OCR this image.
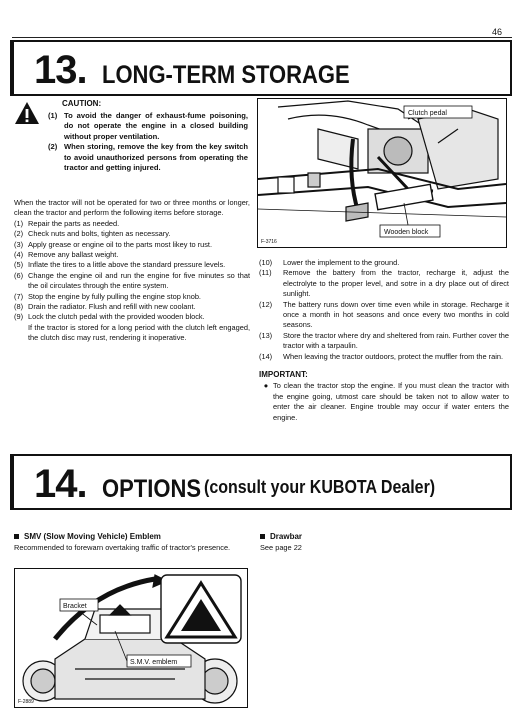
46
13. LONG-TERM STORAGE
CAUTION:
(1) To avoid the danger of exhaust-fume poisoning, do not operate the engine in a closed building without proper ventilation.
(2) When storing, remove the key from the key switch to avoid unauthorized persons from operating the tractor and getting injured.
When the tractor will not be operated for two or three months or longer, clean the tractor and perform the following items before storage.
(1) Repair the parts as needed.
(2) Check nuts and bolts, tighten as necessary.
(3) Apply grease or engine oil to the parts most likey to rust.
(4) Remove any ballast weight.
(5) Inflate the tires to a little above the standard pressure levels.
(6) Change the engine oil and run the engine for five minutes so that the oil circulates through the entire system.
(7) Stop the engine by fully pulling the engine stop knob.
(8) Drain the radiator. Flush and refill with new coolant.
(9) Lock the clutch pedal with the provided wooden block.
If the tractor is stored for a long period with the clutch left engaged, the clutch disc may rust, rendering it inoperative.
Clutch pedal
Wooden block
F-3716
(10)	Lower the implement to the ground.
(11)	Remove the battery from the tractor, recharge it, adjust the electrolyte to the proper level, and sotre in a dry place out of direct sunlight.
(12)	The battery runs down over time even while in storage. Recharge it once a month in hot seasons and once every two months in cold seasons.
(13)	Store the tractor where dry and sheltered from rain. Further cover the tractor with a tarpaulin.
(14)	When leaving the tractor outdoors, protect the muffler from the rain.
IMPORTANT:
● To clean the tractor stop the engine. If you must clean the tractor with the engine going, utmost care should be taken not to allow water to enter the air cleaner. Engine trouble may occur if water enters the engine.
14. OPTIONS (consult your KUBOTA Dealer)
SMV (Slow Moving Vehicle) Emblem
Recommended to forewarn overtaking traffic of tractor's presence.
Drawbar
See page 22
Bracket
S.M.V. emblem
F-2889
